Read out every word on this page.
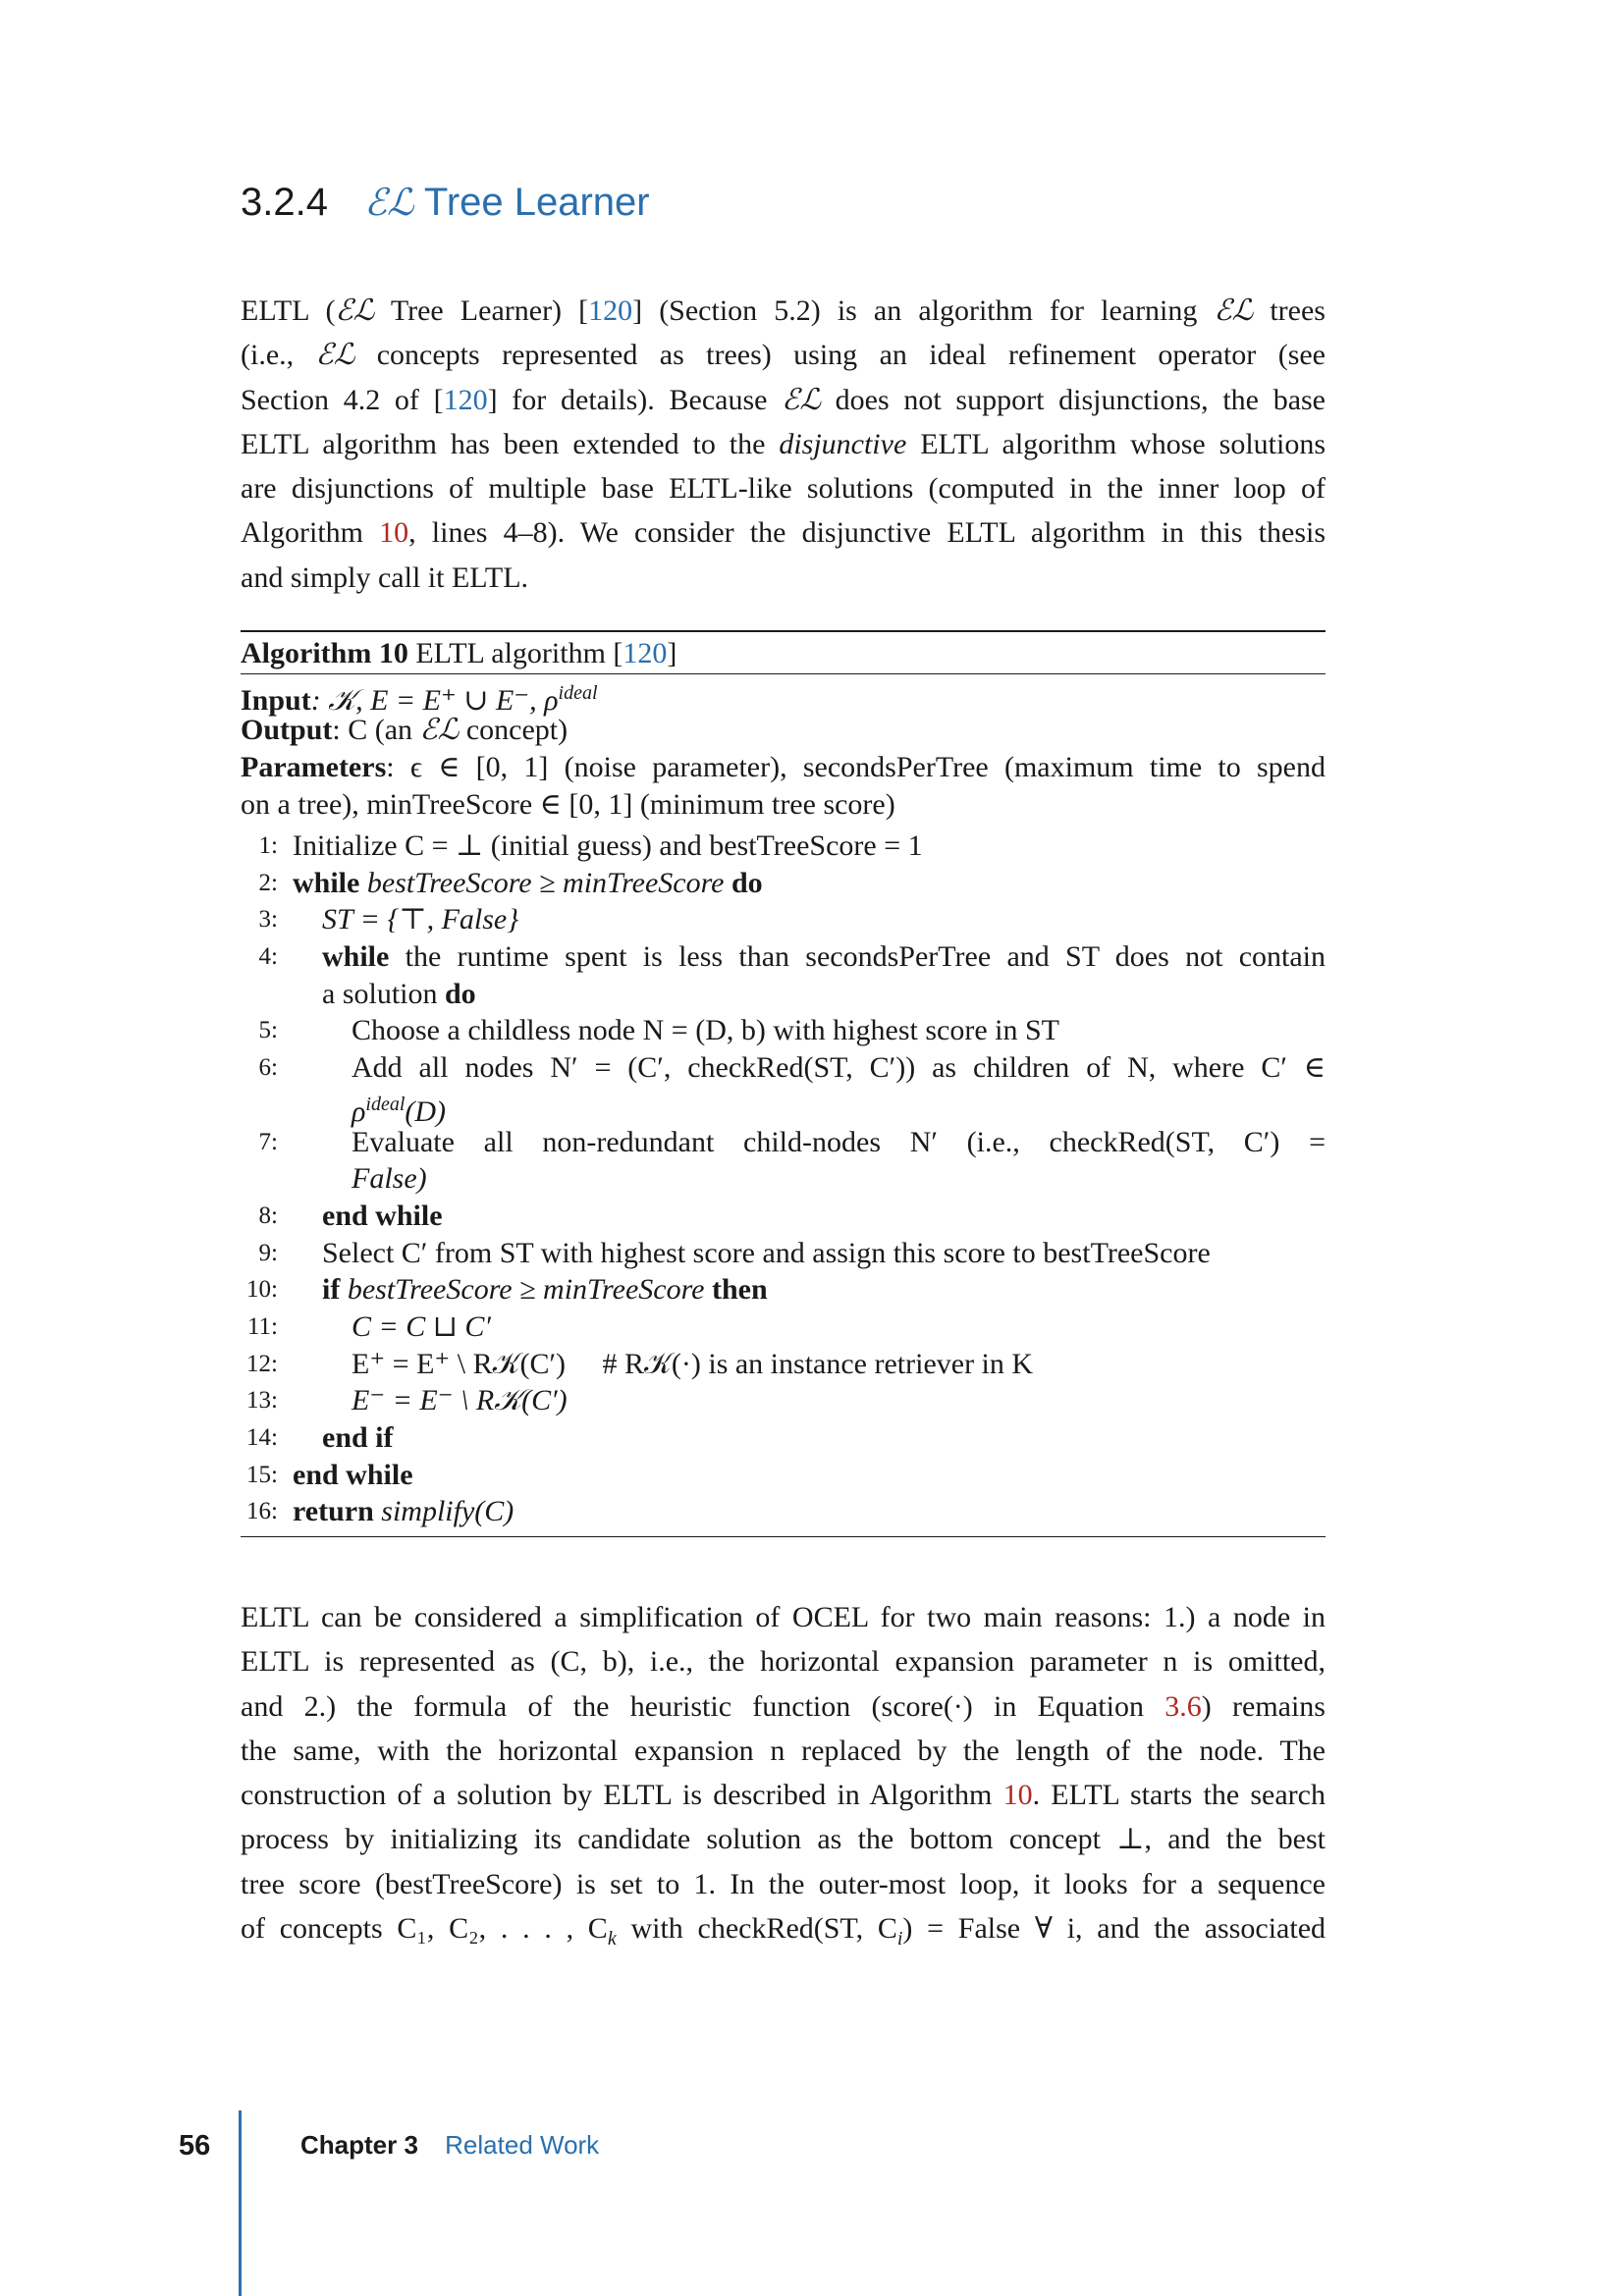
3.2.4 ℰℒ Tree Learner
ELTL (ℰℒ Tree Learner) [120] (Section 5.2) is an algorithm for learning ℰℒ trees
(i.e., ℰℒ concepts represented as trees) using an ideal refinement operator (see
Section 4.2 of [120] for details). Because ℰℒ does not support disjunctions, the base
ELTL algorithm has been extended to the disjunctive ELTL algorithm whose solutions
are disjunctions of multiple base ELTL-like solutions (computed in the inner loop of
Algorithm 10, lines 4–8). We consider the disjunctive ELTL algorithm in this thesis
and simply call it ELTL.
Algorithm 10 ELTL algorithm [120]
Input: 𝒦, E = E⁺ ∪ E⁻, $\rho^{ideal}$
Output: C (an ℰℒ concept)
Parameters: ϵ ∈ [0, 1] (noise parameter), secondsPerTree (maximum time to spend
on a tree), minTreeScore ∈ [0, 1] (minimum tree score)
1: Initialize C = ⊥ (initial guess) and bestTreeScore = 1
2: while bestTreeScore ≥ minTreeScore do
3: ST = {⊤, False}
4: while the runtime spent is less than secondsPerTree and ST does not contain
a solution do
5:	Choose a childless node N = (D, b) with highest score in ST
6:	Add all nodes N′ = (C′, checkRed(ST, C′)) as children of N, where C′ ∈
$\rho^{ideal}(D)$
7:	Evaluate all non-redundant child-nodes N′ (i.e., checkRed(ST, C′) =
False)
8: end while
9: Select C′ from ST with highest score and assign this score to bestTreeScore
10: if bestTreeScore ≥ minTreeScore then
11:	C = C ⊔ C′
12:	E⁺ = E⁺ \ R𝒦(C′)     # R𝒦(·) is an instance retriever in K
13:	E⁻ = E⁻ \ R𝒦(C′)
14: end if
15: end while
16: return simplify(C)
ELTL can be considered a simplification of OCEL for two main reasons: 1.) a node in
ELTL is represented as (C, b), i.e., the horizontal expansion parameter n is omitted,
and 2.) the formula of the heuristic function (score(·) in Equation 3.6) remains
the same, with the horizontal expansion n replaced by the length of the node. The
construction of a solution by ELTL is described in Algorithm 10. ELTL starts the search
process by initializing its candidate solution as the bottom concept ⊥, and the best
tree score (bestTreeScore) is set to 1. In the outer-most loop, it looks for a sequence
of concepts C₁, C₂, . . . , $C_k$ with checkRed(ST, $C_i$) = False ∀ i, and the associated
56	Chapter 3 Related Work
